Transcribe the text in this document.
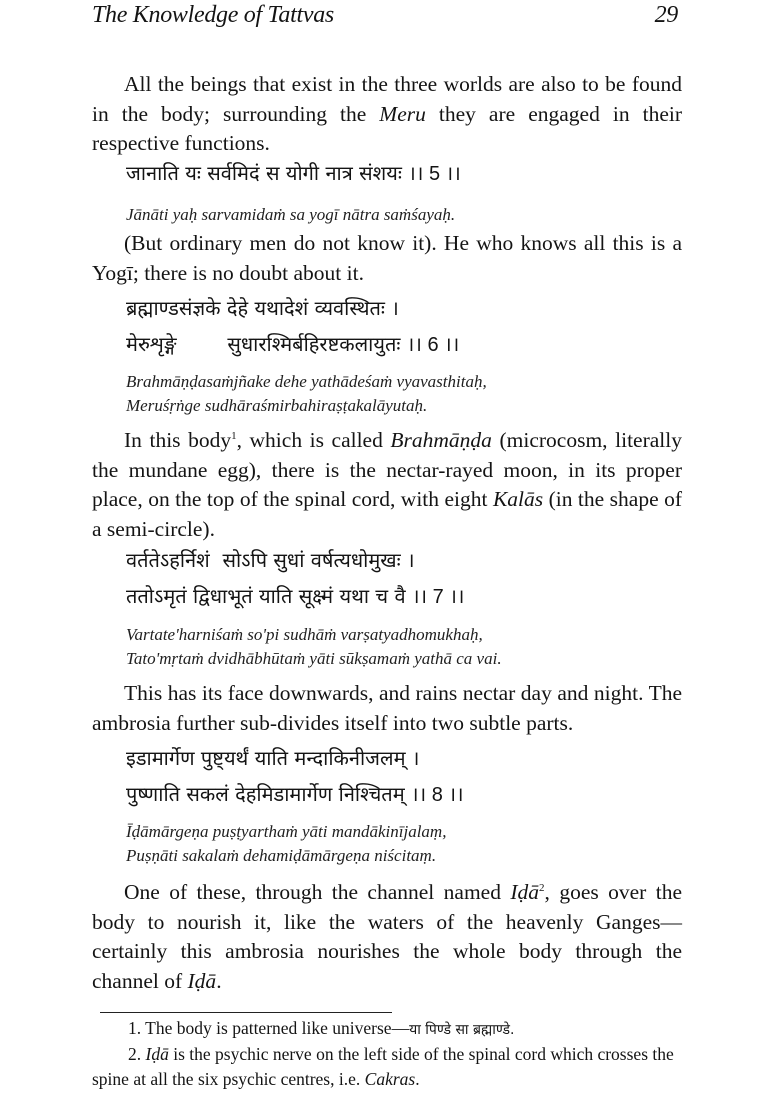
The Knowledge of Tattvas	29
All the beings that exist in the three worlds are also to be found in the body; surrounding the Meru they are engaged in their respective functions.
जानाति यः सर्वमिदं स योगी नात्र संशयः ।। 5 ।।
Jānāti yaḥ sarvamidaṁ sa yogī nātra saṁśayaḥ.
(But ordinary men do not know it). He who knows all this is a Yogī; there is no doubt about it.
ब्रह्माण्डसंज्ञके देहे यथादेशं व्यवस्थितः ।
मेरुशृङ्गे        सुधारश्मिर्बहिरष्टकलायुतः ।। 6 ।।
Brahmāṇḍasaṁjñake dehe yathādeśaṁ vyavasthitaḥ,
Meruśṛṅge sudhāraśmirbahiraṣṭakalāyutaḥ.
In this body$^1$, which is called Brahmāṇḍa (microcosm, literally the mundane egg), there is the nectar-rayed moon, in its proper place, on the top of the spinal cord, with eight Kalās (in the shape of a semi-circle).
वर्ततेऽहर्निशं  सोऽपि सुधां वर्षत्यधोमुखः ।
ततोऽमृतं द्विधाभूतं याति सूक्ष्मं यथा च वै ।। 7 ।।
Vartate'harniśaṁ so'pi sudhāṁ varṣatyadhomukhaḥ,
Tato'mṛtaṁ dvidhābhūtaṁ yāti sūkṣamaṁ yathā ca vai.
This has its face downwards, and rains nectar day and night. The ambrosia further sub-divides itself into two subtle parts.
इडामार्गेण पुष्ट्यर्थं याति मन्दाकिनीजलम् ।
पुष्णाति सकलं देहमिडामार्गेण निश्चितम् ।। 8 ।।
Īḍāmārgeṇa puṣṭyarthaṁ yāti mandākinījalaṃ,
Puṣṇāti sakalaṁ dehamiḍāmārgeṇa niścitaṃ.
One of these, through the channel named Iḍā$^2$, goes over the body to nourish it, like the waters of the heavenly Ganges— certainly this ambrosia nourishes the whole body through the channel of Iḍā.
1. The body is patterned like universe—या पिण्डे सा ब्रह्माण्डे.
2. Iḍā is the psychic nerve on the left side of the spinal cord which crosses the spine at all the six psychic centres, i.e. Cakras.
